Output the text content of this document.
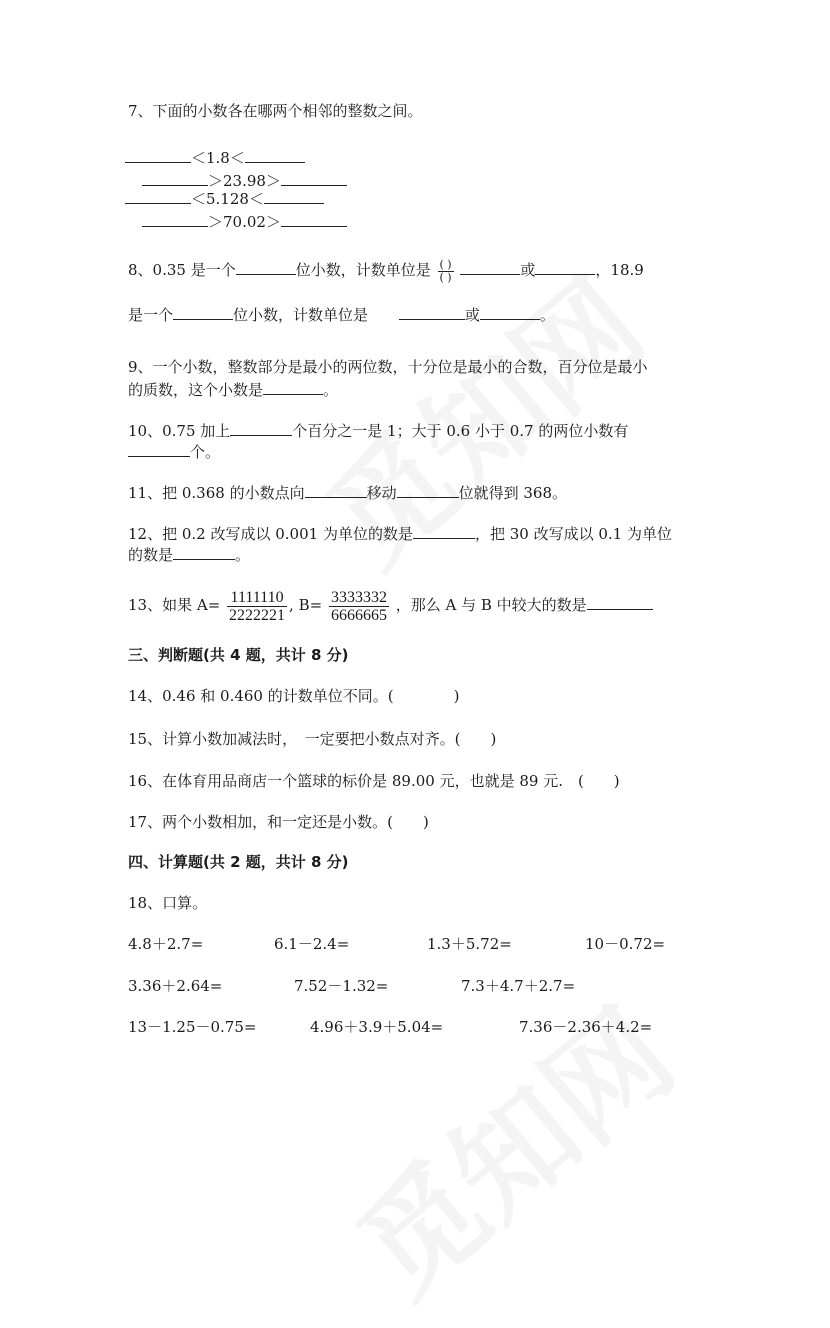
7、下面的小数各在哪两个相邻的整数之间。
＜1.8＜
＞23.98＞
＜5.128＜
＞70.02＞
8、0.35 是一个	位小数，计数单位是 $\frac{( )}{( )}$	或	，18.9
是一个	位小数，计数单位是	或	。
9、一个小数，整数部分是最小的两位数，十分位是最小的合数，百分位是最小
的质数，这个小数是	。
10、0.75 加上	个百分之一是 1；大于 0.6 小于 0.7 的两位小数有
个。
11、把 0.368 的小数点向	移动	位就得到 368。
12、把 0.2 改写成以 0.001 为单位的数是	，把 30 改写成以 0.1 为单位
的数是	。
13、如果 $A= \frac{1111110}{2222221}$ , $B= \frac{3333332}{6666665}$ ，那么 A 与 B 中较大的数是
三、判断题(共 4 题，共计 8 分)
14、0.46 和 0.460 的计数单位不同。(　　　　)
15、计算小数加减法时，　一定要把小数点对齐。(　　)
16、在体育用品商店一个篮球的标价是 89.00 元，也就是 89 元.　(　　)
17、两个小数相加，和一定还是小数。(　　)
四、计算题(共 2 题，共计 8 分)
18、口算。
4.8＋2.7=	6.1－2.4=	1.3＋5.72=	10－0.72=
3.36＋2.64=	7.52－1.32=	7.3＋4.7＋2.7=
13－1.25－0.75=	4.96＋3.9＋5.04=	7.36－2.36＋4.2=
